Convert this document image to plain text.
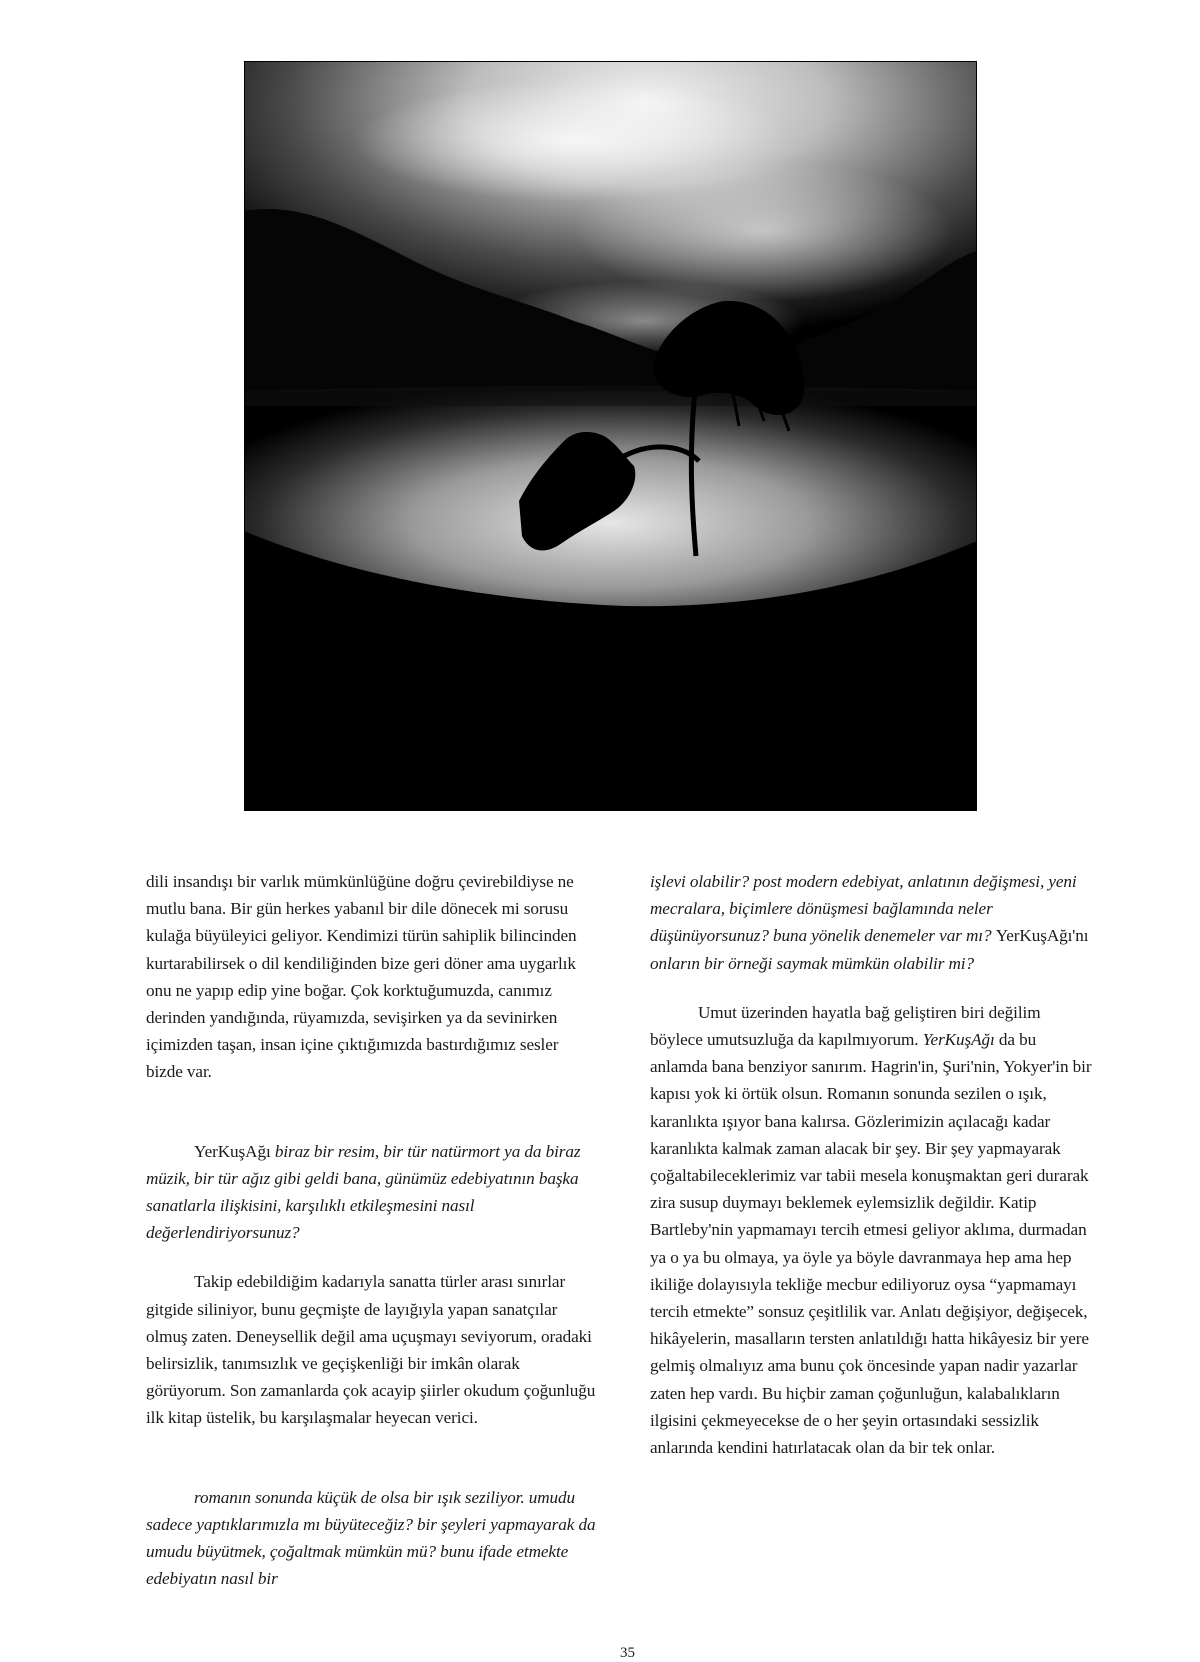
dili insandışı bir varlık mümkünlüğüne doğru çevirebildiyse ne mutlu bana. Bir gün herkes yabanıl bir dile dönecek mi sorusu kulağa büyüleyici geliyor. Kendimizi türün sahiplik bilincinden kurtarabilirsek o dil kendiliğinden bize geri döner ama uygarlık onu ne yapıp edip yine boğar. Çok korktuğumuzda, canımız derinden yandığında, rüyamızda, sevişirken ya da sevinirken içimizden taşan, insan içine çıktığımızda bastırdığımız sesler bizde var.

YerKuşAğı biraz bir resim, bir tür natürmort ya da biraz müzik, bir tür ağız gibi geldi bana, günümüz edebiyatının başka sanatlarla ilişkisini, karşılıklı etkileşmesini nasıl değerlendiriyorsunuz?

Takip edebildiğim kadarıyla sanatta türler arası sınırlar gitgide siliniyor, bunu geçmişte de layığıyla yapan sanatçılar olmuş zaten. Deneysellik değil ama uçuşmayı seviyorum, oradaki belirsizlik, tanımsızlık ve geçişkenliği bir imkân olarak görüyorum. Son zamanlarda çok acayip şiirler okudum çoğunluğu ilk kitap üstelik, bu karşılaşmalar heyecan verici.

romanın sonunda küçük de olsa bir ışık seziliyor. umudu sadece yaptıklarımızla mı büyüteceğiz? bir şeyleri yapmayarak da umudu büyütmek, çoğaltmak mümkün mü? bunu ifade etmekte edebiyatın nasıl bir

işlevi olabilir? post modern edebiyat, anlatının değişmesi, yeni mecralara, biçimlere dönüşmesi bağlamında neler düşünüyorsunuz? buna yönelik denemeler var mı? YerKuşAğı'nı onların bir örneği saymak mümkün olabilir mi?

Umut üzerinden hayatla bağ geliştiren biri değilim böylece umutsuzluğa da kapılmıyorum. YerKuşAğı da bu anlamda bana benziyor sanırım. Hagrin'in, Şuri'nin, Yokyer'in bir kapısı yok ki örtük olsun. Romanın sonunda sezilen o ışık, karanlıkta ışıyor bana kalırsa. Gözlerimizin açılacağı kadar karanlıkta kalmak zaman alacak bir şey. Bir şey yapmayarak çoğaltabileceklerimiz var tabii mesela konuşmaktan geri durarak zira susup duymayı beklemek eylemsizlik değildir. Katip Bartleby'nin yapmamayı tercih etmesi geliyor aklıma, durmadan ya o ya bu olmaya, ya öyle ya böyle davranmaya hep ama hep ikiliğe dolayısıyla tekliğe mecbur ediliyoruz oysa “yapmamayı tercih etmekte” sonsuz çeşitlilik var. Anlatı değişiyor, değişecek, hikâyelerin, masalların tersten anlatıldığı hatta hikâyesiz bir yere gelmiş olmalıyız ama bunu çok öncesinde yapan nadir yazarlar zaten hep vardı. Bu hiçbir zaman çoğunluğun, kalabalıkların ilgisini çekmeyecekse de o her şeyin ortasındaki sessizlik anlarında kendini hatırlatacak olan da bir tek onlar.

35
